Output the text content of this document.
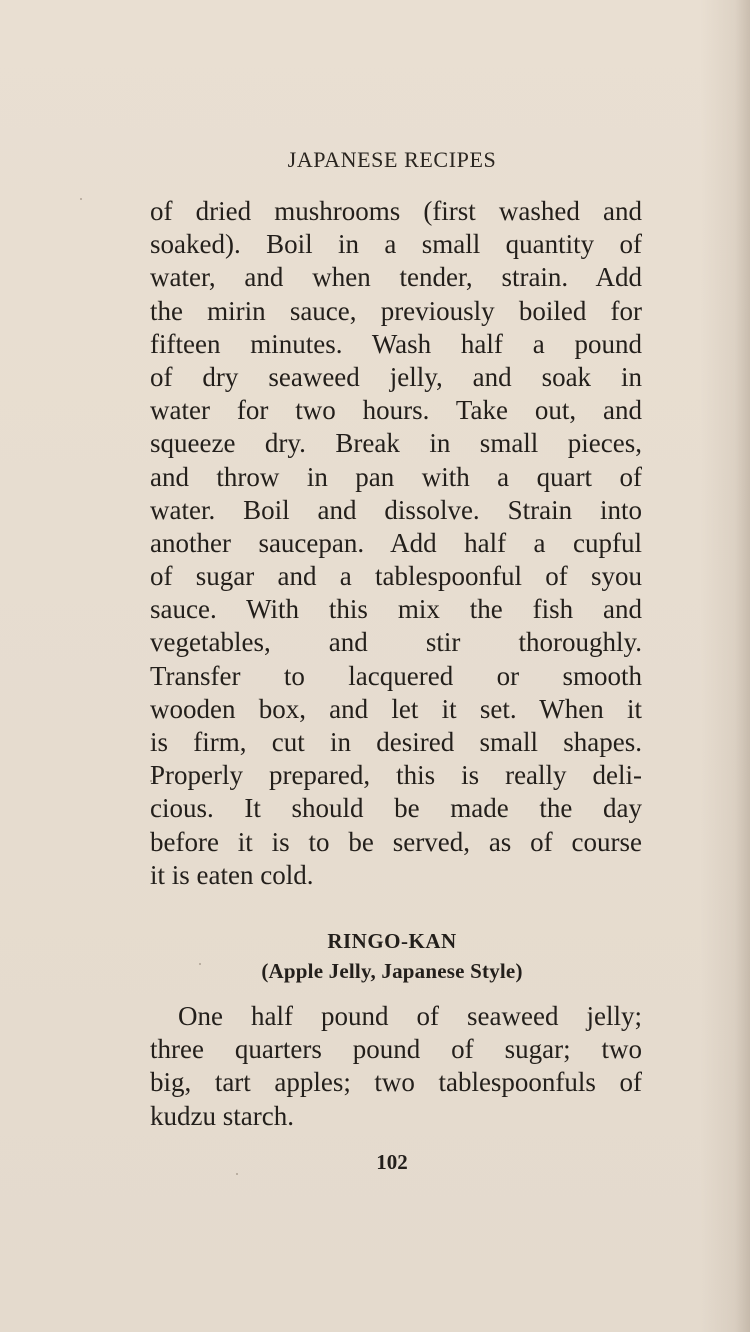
JAPANESE RECIPES
of dried mushrooms (first washed and
soaked). Boil in a small quantity of
water, and when tender, strain. Add
the mirin sauce, previously boiled for
fifteen minutes. Wash half a pound
of dry seaweed jelly, and soak in
water for two hours. Take out, and
squeeze dry. Break in small pieces,
and throw in pan with a quart of
water. Boil and dissolve. Strain into
another saucepan. Add half a cupful
of sugar and a tablespoonful of syou
sauce. With this mix the fish and
vegetables, and stir thoroughly.
Transfer to lacquered or smooth
wooden box, and let it set. When it
is firm, cut in desired small shapes.
Properly prepared, this is really deli-
cious. It should be made the day
before it is to be served, as of course
it is eaten cold.
RINGO-KAN
(Apple Jelly, Japanese Style)
One half pound of seaweed jelly;
three quarters pound of sugar; two
big, tart apples; two tablespoonfuls of
kudzu starch.
102
